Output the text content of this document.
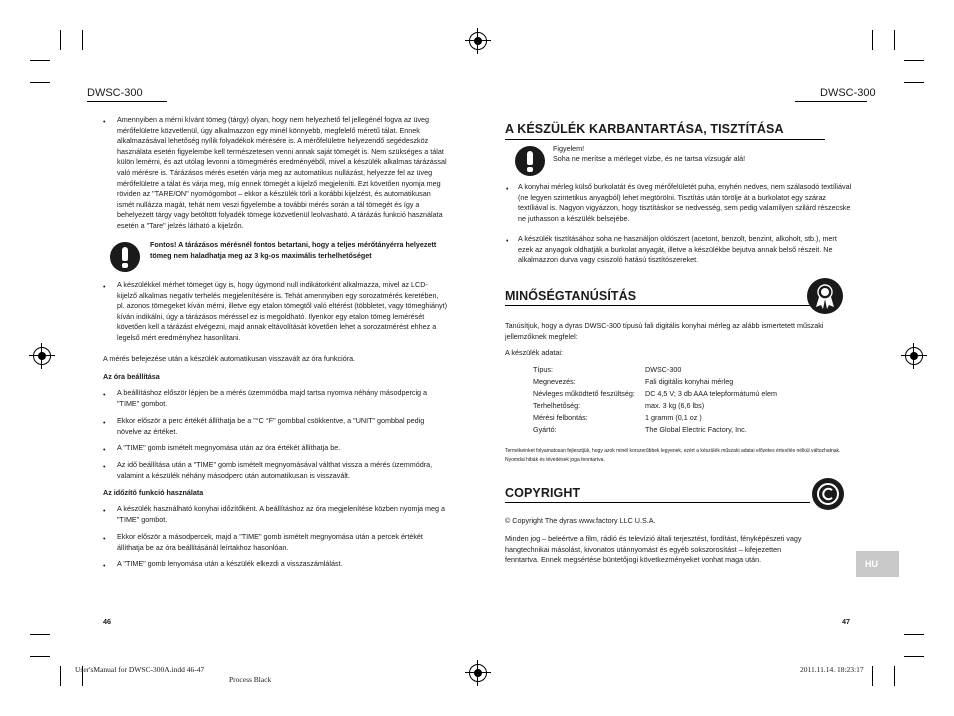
DWSC-300	DWSC-300
• Amennyiben a mérni kívánt tömeg (tárgy) olyan, hogy nem helyezhető fel jellegénél fogva az üveg mérőfelületre közvetlenül, úgy alkalmazzon egy minél könnyebb, megfelelő méretű tálat. Ennek alkalmazásával lehetőség nyílik folyadékok mérésére is. A mérőfelületre helyezendő segédeszköz használata esetén figyelembe kell természetesen venni annak saját tömegét is. Nem szükséges a tálat külön lemérni, és azt utólag levonni a tömegmérés eredményéből, mivel a készülék alkalmas tárázással való mérésre is. Tárázásos mérés esetén várja meg az automatikus nullázást, helyezze fel az üveg mérőfelületre a tálat és várja meg, míg ennek tömegét a kijelző megjeleníti. Ezt követően nyomja meg röviden az "TARE/ON" nyomógombot – ekkor a készülék törli a korábbi kijelzést, és automatikusan ismét nullázza magát, tehát nem veszi figyelembe a további mérés során a tál tömegét és így a behelyezett tárgy vagy betöltött folyadék tömege közvetlenül leolvasható. A tárázás funkció használata esetén a "Tare" jelzés látható a kijelzőn.
Fontos! A tárázásos mérésnél fontos betartani, hogy a teljes mérőtányérra helyezett tömeg nem haladhatja meg az 3 kg-os maximális terhelhetőséget
• A készülékkel mérhet tömeget úgy is, hogy úgymond null indikátorként alkalmazza, mivel az LCD-kijelző alkalmas negatív terhelés megjelenítésére is. Tehát amennyiben egy sorozatmérés keretében, pl. azonos tömegeket kíván mérni, illetve egy etalon tömegtől való eltérést (többletet, vagy tömeghiányt) kíván indikálni, úgy a tárázásos méréssel ez is megoldható. Ilyenkor egy etalon tömeg lemérését követően kell a tárázást elvégezni, majd annak eltávolítását követően lehet a sorozatmérést ehhez a legelső mért eredményhez hasonlítani.
A mérés befejezése után a készülék automatikusan visszavált az óra funkcióra.
Az óra beállítása
• A beállításhoz először lépjen be a mérés üzemmódba majd tartsa nyomva néhány másodpercig a "TIME" gombot.
• Ekkor először a perc értékét állíthatja be a "°C °F" gombbal csökkentve, a "UNIT" gombbal pedig növelve az értéket.
• A "TIME" gomb ismételt megnyomása után az óra értékét állíthatja be.
• Az idő beállítása után a "TIME" gomb ismételt megnyomásával válthat vissza a mérés üzemmódra, valamint a készülék néhány másodperc után automatikusan is visszavált.
Az időzítő funkció használata
• A készülék használható konyhai időzítőként. A beállításhoz az óra megjelenítése közben nyomja meg a "TIME" gombot.
• Ekkor először a másodpercek, majd a "TIME" gomb ismételt megnyomása után a percek értékét állíthatja be az óra beállításánál leírtakhoz hasonlóan.
• A "TIME" gomb lenyomása után a készülék elkezdi a visszaszámlálást.
46
A KÉSZÜLÉK KARBANTARTÁSA, TISZTÍTÁSA
Figyelem!
Soha ne merítse a mérleget vízbe, és ne tartsa vízsugár alá!
• A konyhai mérleg külső burkolatát és üveg mérőfelületét puha, enyhén nedves, nem szálasodó textíliával (ne legyen szintetikus anyagból) lehet megtörölni. Tisztítás után törölje át a burkolatot egy száraz textíliával is. Nagyon vigyázzon, hogy tisztításkor se nedvesség, sem pedig valamilyen szilárd részecske ne juthasson a készülék belsejébe.
• A készülék tisztításához soha ne használjon oldószert (acetont, benzolt, benzint, alkoholt, stb.), mert ezek az anyagok oldhatják a burkolat anyagát, illetve a készülékbe bejutva annak belső részeit. Ne alkalmazzon durva vagy csiszoló hatású tisztítószereket.
MINŐSÉGTANÚSÍTÁS
Tanúsítjuk, hogy a dyras DWSC-300 típusú fali digitális konyhai mérleg az alább ismertetett műszaki jellemzőknek megfelel:
A készülék adatai:
Típus:	DWSC-300
Megnevezés:	Fali digitális konyhai mérleg
Névleges működtető feszültség: DC 4,5 V; 3 db AAA telepformátumú elem
Terhelhetőség:	max. 3 kg (6,6 lbs)
Mérési felbontás:	1 gramm (0,1 oz )
Gyártó:	The Global Electric Factory, Inc.
Termékeinket folyamatosan fejlesztjük, hogy azok minél korszerűbbek legyenek, ezért a készülék műszaki adatai előzetes értesítés nélkül változhatnak. Nyomdai hibák és tévedések joga fenntartva.
COPYRIGHT
© Copyright The dyras www.factory LLC U.S.A.
Minden jog – beleértve a film, rádió és televízió általi terjesztést, fordítást, fényképészeti vagy hangtechnikai másolást, kivonatos utánnyomást és egyéb sokszorosítást – kifejezetten fenntartva. Ennek megsértése büntetőjogi következményeket vonhat maga után.	HU
47
User'sManual for DWSC-300A.indd 46-47
Process Black
2011.11.14. 18:23:17
